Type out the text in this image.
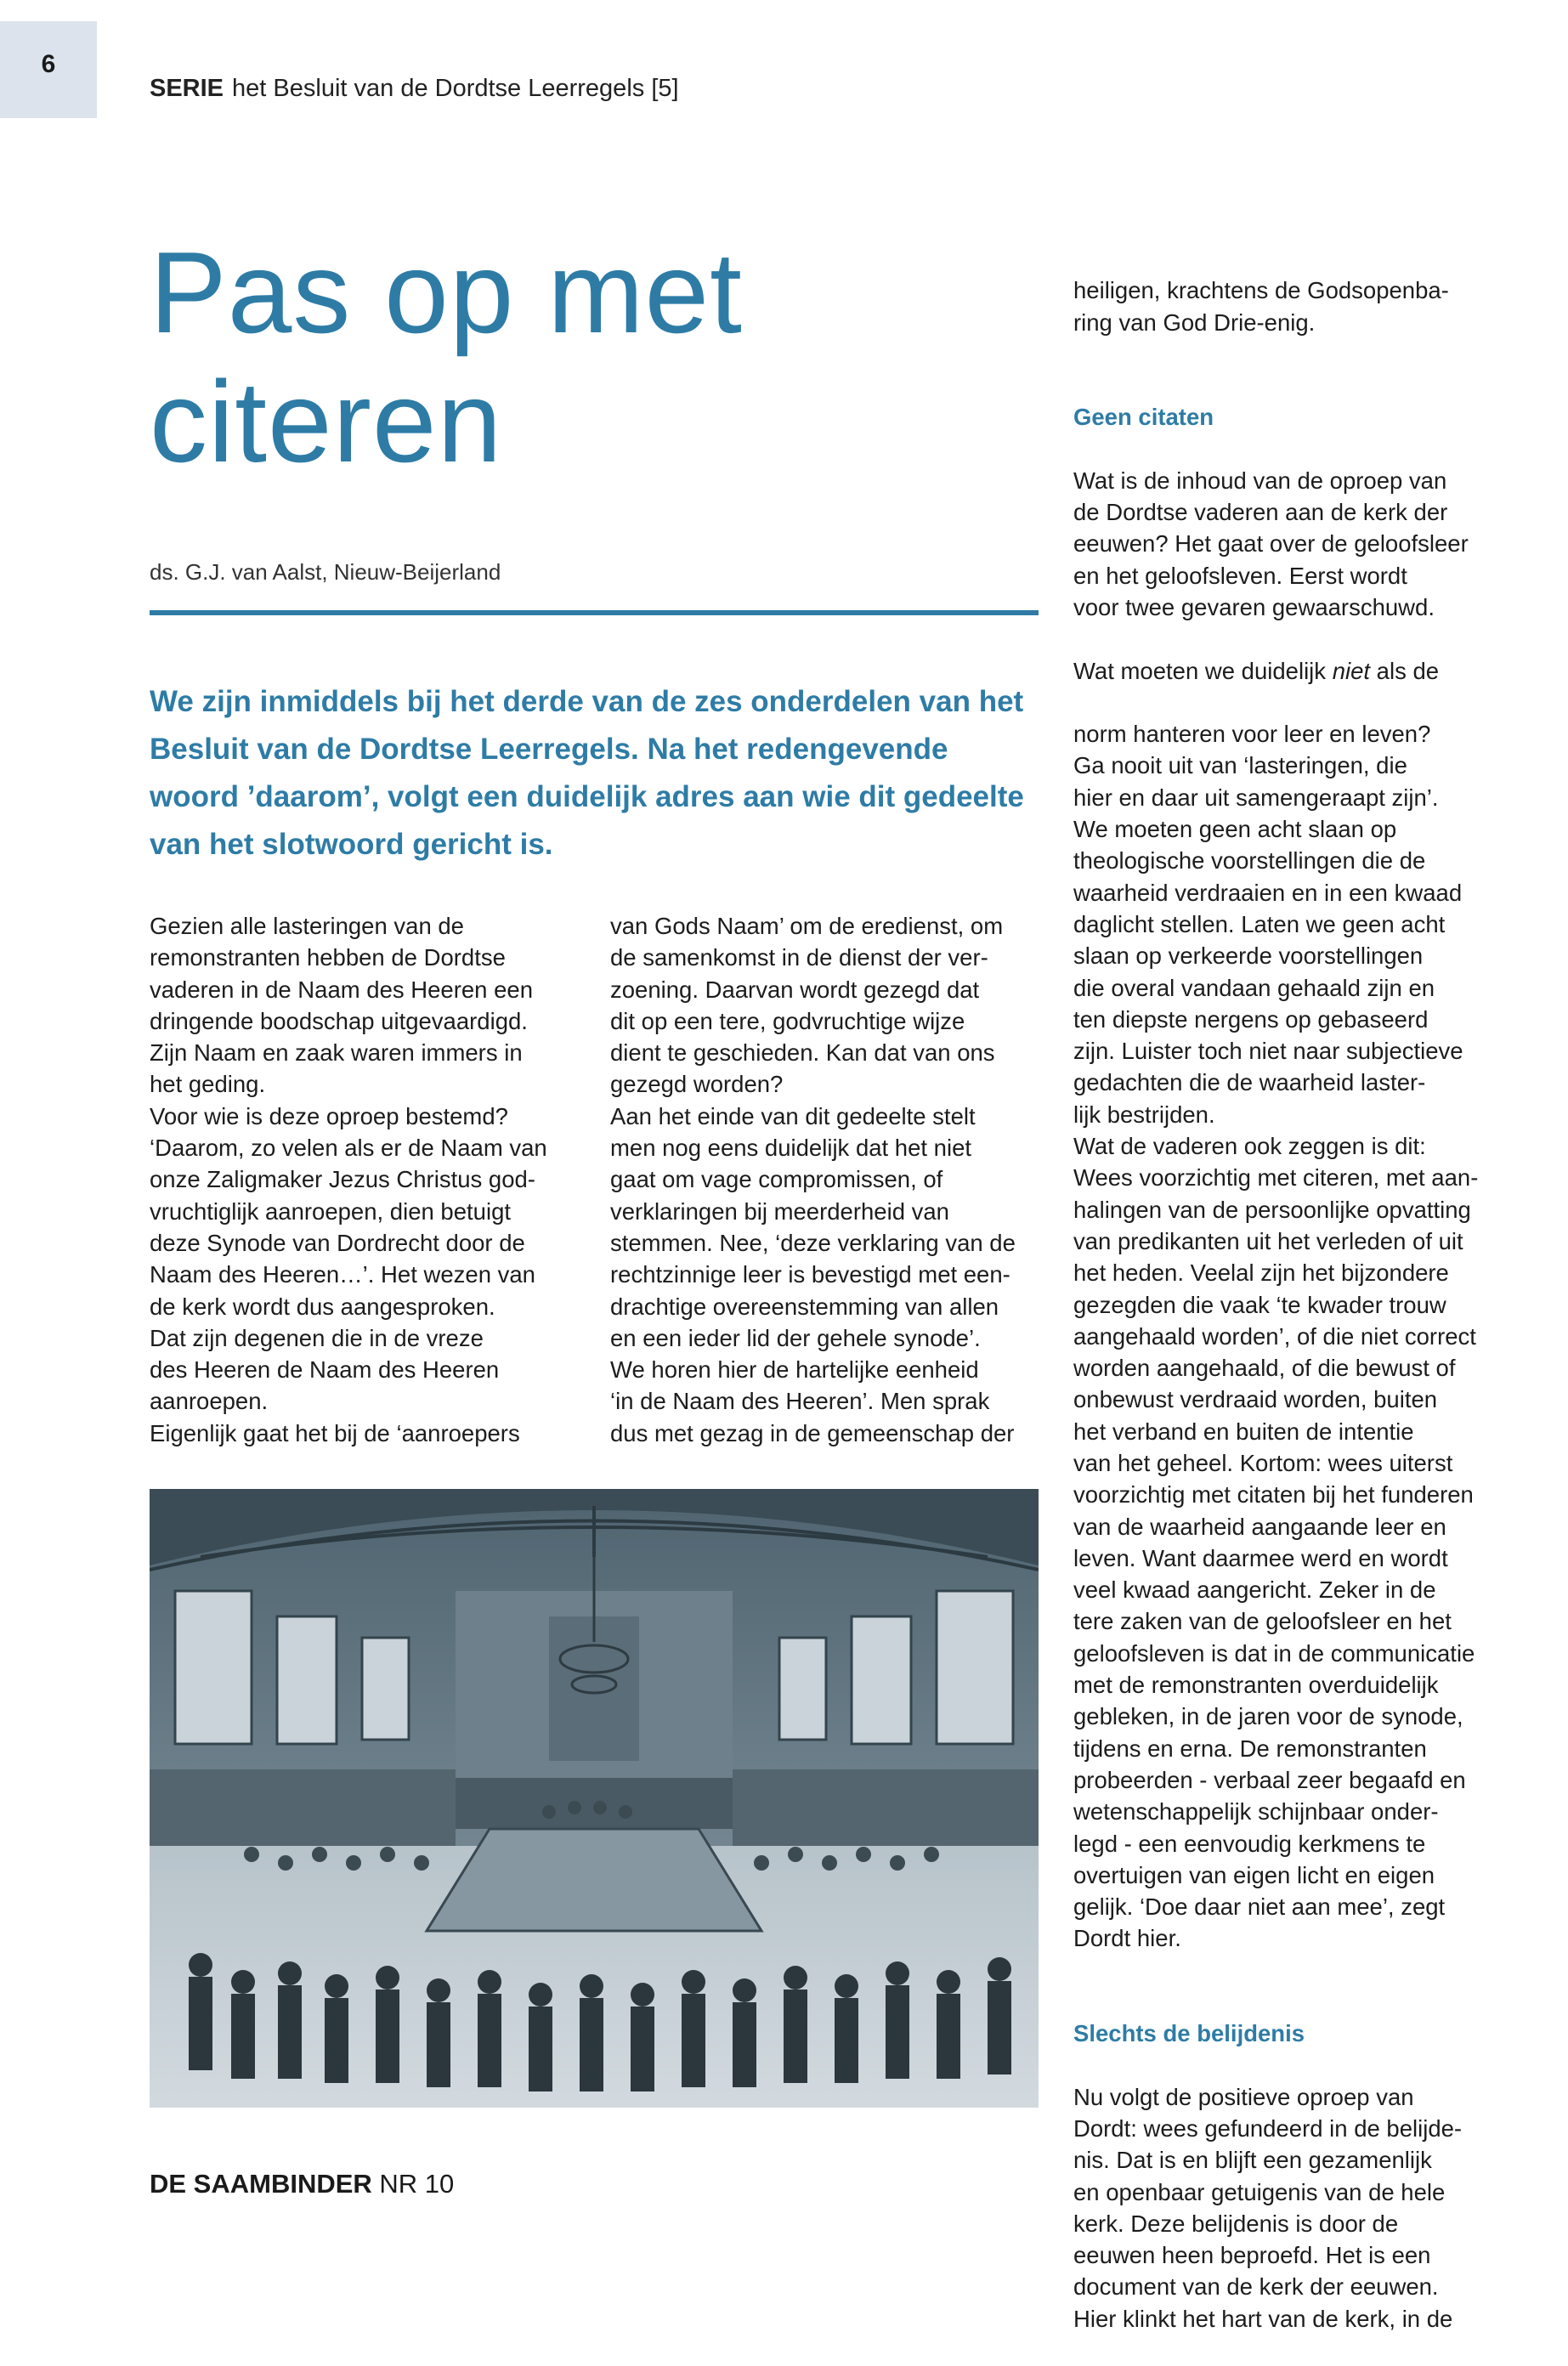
6
SERIE het Besluit van de Dordtse Leerregels [5]
Pas op met
citeren
ds. G.J. van Aalst, Nieuw-Beijerland
We zijn inmiddels bij het derde van de zes onderdelen van het Besluit van de Dordtse Leerregels. Na het redengevende woord ’daarom’, volgt een duidelijk adres aan wie dit gedeelte van het slotwoord gericht is.
Gezien alle lasteringen van de
remonstranten hebben de Dordtse
vaderen in de Naam des Heeren een
dringende boodschap uitgevaardigd.
Zijn Naam en zaak waren immers in
het geding.
Voor wie is deze oproep bestemd?
‘Daarom, zo velen als er de Naam van
onze Zaligmaker Jezus Christus god-
vruchtiglijk aanroepen, dien betuigt
deze Synode van Dordrecht door de
Naam des Heeren…’. Het wezen van
de kerk wordt dus aangesproken.
Dat zijn degenen die in de vreze
des Heeren de Naam des Heeren
aanroepen.
Eigenlijk gaat het bij de ‘aanroepers
van Gods Naam’ om de eredienst, om
de samenkomst in de dienst der ver-
zoening. Daarvan wordt gezegd dat
dit op een tere, godvruchtige wijze
dient te geschieden. Kan dat van ons
gezegd worden?
Aan het einde van dit gedeelte stelt
men nog eens duidelijk dat het niet
gaat om vage compromissen, of
verklaringen bij meerderheid van
stemmen. Nee, ‘deze verklaring van de
rechtzinnige leer is bevestigd met een-
drachtige overeenstemming van allen
en een ieder lid der gehele synode’.
We horen hier de hartelijke eenheid
‘in de Naam des Heeren’. Men sprak
dus met gezag in de gemeenschap der

heiligen, krachtens de Godsopenba-
ring van God Drie-enig.

Geen citaten

Wat is de inhoud van de oproep van
de Dordtse vaderen aan de kerk der
eeuwen? Het gaat over de geloofsleer
en het geloofsleven. Eerst wordt
voor twee gevaren gewaarschuwd.

Wat moeten we duidelijk niet als de

norm hanteren voor leer en leven?
Ga nooit uit van ‘lasteringen, die
hier en daar uit samengeraapt zijn’.
We moeten geen acht slaan op
theologische voorstellingen die de
waarheid verdraaien en in een kwaad
daglicht stellen. Laten we geen acht
slaan op verkeerde voorstellingen
die overal vandaan gehaald zijn en
ten diepste nergens op gebaseerd
zijn. Luister toch niet naar subjectieve
gedachten die de waarheid laster-
lijk bestrijden.
Wat de vaderen ook zeggen is dit:
Wees voorzichtig met citeren, met aan-
halingen van de persoonlijke opvatting
van predikanten uit het verleden of uit
het heden. Veelal zijn het bijzondere
gezegden die vaak ‘te kwader trouw
aangehaald worden’, of die niet correct
worden aangehaald, of die bewust of
onbewust verdraaid worden, buiten
het verband en buiten de intentie
van het geheel. Kortom: wees uiterst
voorzichtig met citaten bij het funderen
van de waarheid aangaande leer en
leven. Want daarmee werd en wordt
veel kwaad aangericht. Zeker in de
tere zaken van de geloofsleer en het
geloofsleven is dat in de communicatie
met de remonstranten overduidelijk
gebleken, in de jaren voor de synode,
tijdens en erna. De remonstranten
probeerden - verbaal zeer begaafd en
wetenschappelijk schijnbaar onder-
legd - een eenvoudig kerkmens te
overtuigen van eigen licht en eigen
gelijk. ‘Doe daar niet aan mee’, zegt
Dordt hier.

Slechts de belijdenis

Nu volgt de positieve oproep van
Dordt: wees gefundeerd in de belijde-
nis. Dat is en blijft een gezamenlijk
en openbaar getuigenis van de hele
kerk. Deze belijdenis is door de
eeuwen heen beproefd. Het is een
document van de kerk der eeuwen.
Hier klinkt het hart van de kerk, in de

DE SAAMBINDER NR 10
